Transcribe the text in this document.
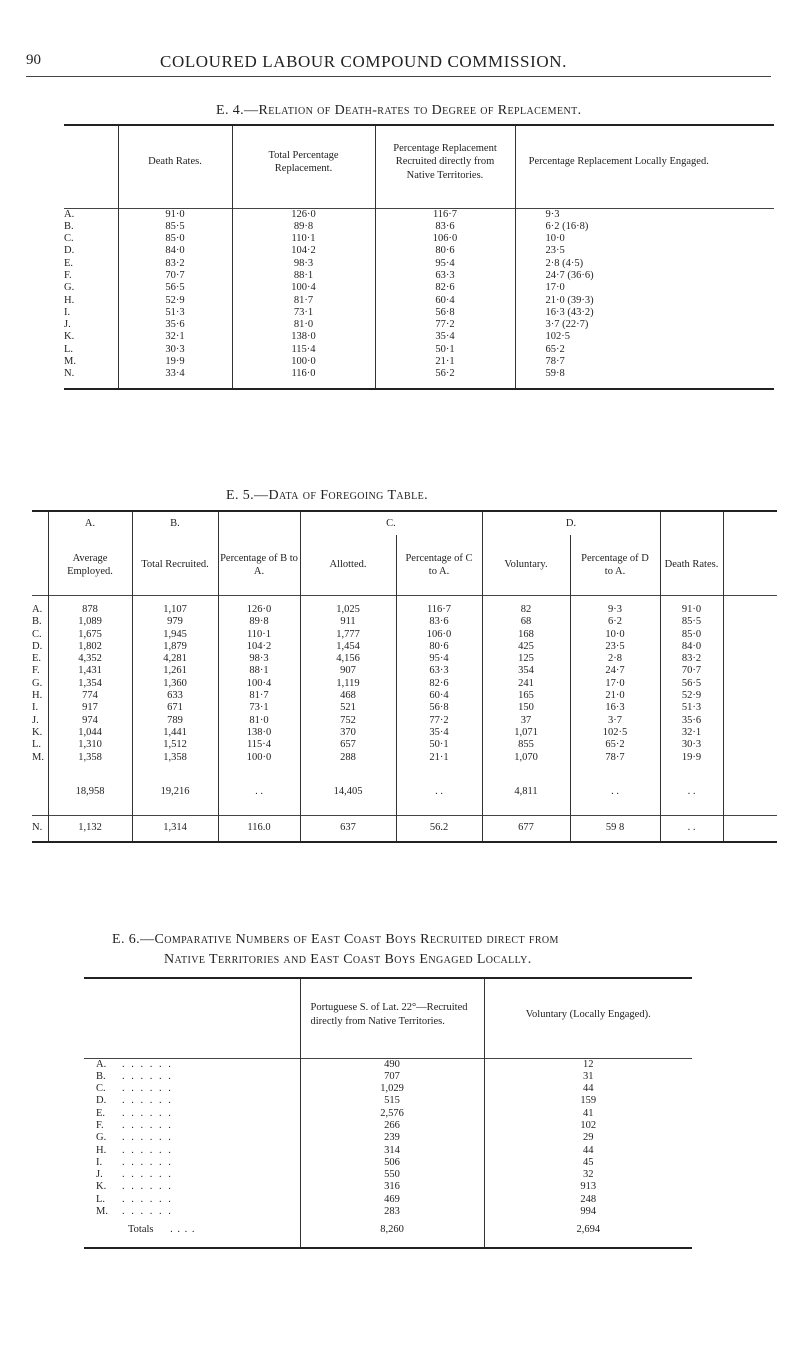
90	COLOURED LABOUR COMPOUND COMMISSION.
E. 4.—Relation of Death-rates to Degree of Replacement.
	Death Rates.	Total Percentage Replacement.	Percentage Replacement Recruited directly from Native Territories.	Percentage Replacement Locally Engaged.

A.	91·0	126·0	116·7	9·3
B.	85·5	89·8	83·6	6·2 (16·8)
C.	85·0	110·1	106·0	10·0
D.	84·0	104·2	80·6	23·5
E.	83·2	98·3	95·4	2·8 (4·5)
F.	70·7	88·1	63·3	24·7 (36·6)
G.	56·5	100·4	82·6	17·0
H.	52·9	81·7	60·4	21·0 (39·3)
I.	51·3	73·1	56·8	16·3 (43·2)
J.	35·6	81·0	77·2	3·7 (22·7)
K.	32·1	138·0	35·4	102·5
L.	30·3	115·4	50·1	65·2
M.	19·9	100·0	21·1	78·7
N.	33·4	116·0	56·2	59·8

E. 5.—Data of Foregoing Table.
	A.	B.		C.		D.		
	Average Employed.	Total Recruited.	Percentage of B to A.	Allotted.	Percentage of C to A.	Voluntary.	Percentage of D to A.	Death Rates.

A.	878	1,107	126·0	1,025	116·7	82	9·3	91·0
B.	1,089	979	89·8	911	83·6	68	6·2	85·5
C.	1,675	1,945	110·1	1,777	106·0	168	10·0	85·0
D.	1,802	1,879	104·2	1,454	80·6	425	23·5	84·0
E.	4,352	4,281	98·3	4,156	95·4	125	2·8	83·2
F.	1,431	1,261	88·1	907	63·3	354	24·7	70·7
G.	1,354	1,360	100·4	1,119	82·6	241	17·0	56·5
H.	774	633	81·7	468	60·4	165	21·0	52·9
I.	917	671	73·1	521	56·8	150	16·3	51·3
J.	974	789	81·0	752	77·2	37	3·7	35·6
K.	1,044	1,441	138·0	370	35·4	1,071	102·5	32·1
L.	1,310	1,512	115·4	657	50·1	855	65·2	30·3
M.	1,358	1,358	100·0	288	21·1	1,070	78·7	19·9

	18,958	19,216	. .	14,405	. .	4,811	. .	. .
N.	1,132	1,314	116.0	637	56.2	677	59 8	. .
E. 6.—Comparative Numbers of East Coast Boys Recruited direct from
Native Territories and East Coast Boys Engaged Locally.
	Portuguese S. of Lat. 22°—Recruited directly from Native Territories.	Voluntary (Locally Engaged).

A. . . . . . .	490	12
B. . . . . . .	707	31
C. . . . . . .	1,029	44
D. . . . . . .	515	159
E. . . . . . .	2,576	41
F. . . . . . .	266	102
G. . . . . . .	239	29
H. . . . . . .	314	44
I. . . . . . .	506	45
J. . . . . . .	550	32
K. . . . . . .	316	913
L. . . . . . .	469	248
M. . . . . . .	283	994

Totals . . . .	8,260	2,694
